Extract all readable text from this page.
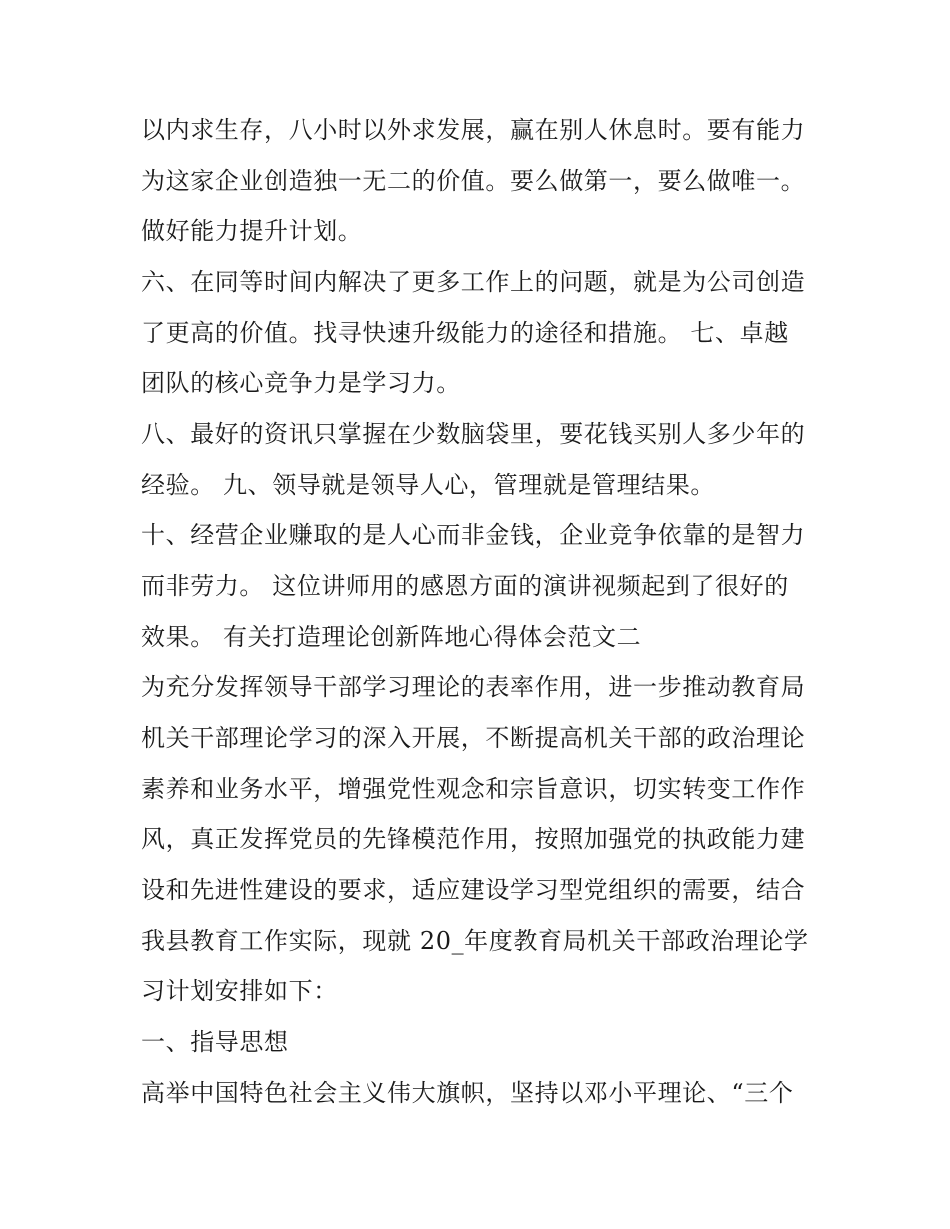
以内求生存，八小时以外求发展，赢在别人休息时。要有能力
为这家企业创造独一无二的价值。要么做第一，要么做唯一。
做好能力提升计划。
六、在同等时间内解决了更多工作上的问题，就是为公司创造
了更高的价值。找寻快速升级能力的途径和措施。 七、卓越
团队的核心竞争力是学习力。
八、最好的资讯只掌握在少数脑袋里，要花钱买别人多少年的
经验。 九、领导就是领导人心，管理就是管理结果。
十、经营企业赚取的是人心而非金钱，企业竞争依靠的是智力
而非劳力。 这位讲师用的感恩方面的演讲视频起到了很好的
效果。 有关打造理论创新阵地心得体会范文二
为充分发挥领导干部学习理论的表率作用，进一步推动教育局
机关干部理论学习的深入开展，不断提高机关干部的政治理论
素养和业务水平，增强党性观念和宗旨意识，切实转变工作作
风，真正发挥党员的先锋模范作用，按照加强党的执政能力建
设和先进性建设的要求，适应建设学习型党组织的需要，结合
我县教育工作实际，现就 20_年度教育局机关干部政治理论学
习计划安排如下：
一、指导思想
高举中国特色社会主义伟大旗帜，坚持以邓小平理论、“三个
